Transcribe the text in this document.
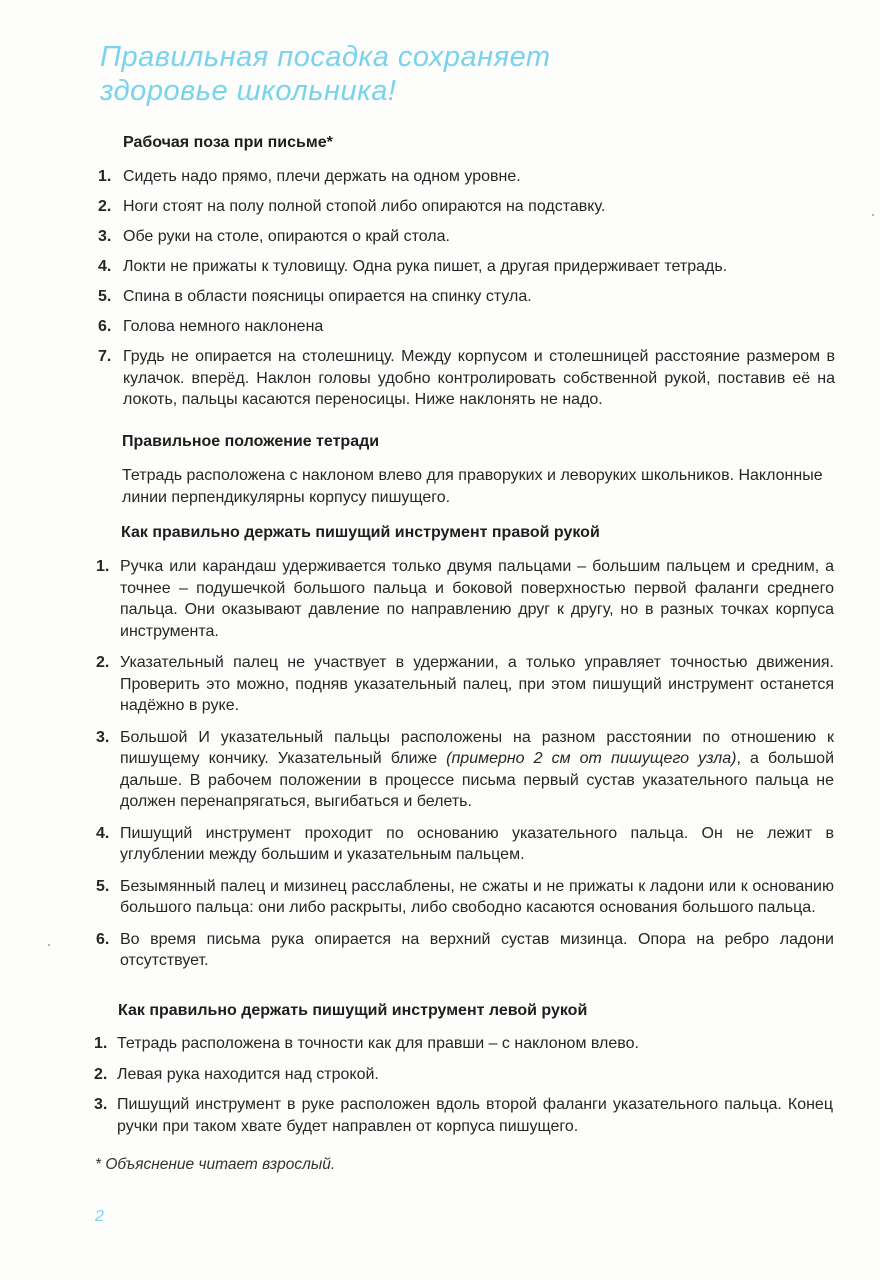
Правильная посадка сохраняет
здоровье школьника!
Рабочая поза при письме*
1. Сидеть надо прямо, плечи держать на одном уровне.
2. Ноги стоят на полу полной стопой либо опираются на подставку.
3. Обе руки на столе, опираются о край стола.
4. Локти не прижаты к туловищу. Одна рука пишет, а другая придерживает тетрадь.
5. Спина в области поясницы опирается на спинку стула.
6. Голова немного наклонена
7. Грудь не опирается на столешницу. Между корпусом и столешницей расстояние размером в кулачок. вперёд. Наклон головы удобно контролировать собственной рукой, поставив её на локоть, пальцы касаются переносицы. Ниже наклонять не надо.
Правильное положение тетради
Тетрадь расположена с наклоном влево для праворуких и леворуких школьников. Наклонные линии перпендикулярны корпусу пишущего.
Как правильно держать пишущий инструмент правой рукой
1. Ручка или карандаш удерживается только двумя пальцами – большим пальцем и средним, а точнее – подушечкой большого пальца и боковой поверхностью первой фаланги среднего пальца. Они оказывают давление по направлению друг к другу, но в разных точках корпуса инструмента.
2. Указательный палец не участвует в удержании, а только управляет точностью движения. Проверить это можно, подняв указательный палец, при этом пишущий инструмент останется надёжно в руке.
3. Большой И указательный пальцы расположены на разном расстоянии по отношению к пишущему кончику. Указательный ближе (примерно 2 см от пишущего узла), а большой дальше. В рабочем положении в процессе письма первый сустав указательного пальца не должен перенапрягаться, выгибаться и белеть.
4. Пишущий инструмент проходит по основанию указательного пальца. Он не лежит в углублении между большим и указательным пальцем.
5. Безымянный палец и мизинец расслаблены, не сжаты и не прижаты к ладони или к основанию большого пальца: они либо раскрыты, либо свободно касаются основания большого пальца.
6. Во время письма рука опирается на верхний сустав мизинца. Опора на ребро ладони отсутствует.
Как правильно держать пишущий инструмент левой рукой
1. Тетрадь расположена в точности как для правши – с наклоном влево.
2. Левая рука находится над строкой.
3. Пишущий инструмент в руке расположен вдоль второй фаланги указательного пальца. Конец ручки при таком хвате будет направлен от корпуса пишущего.
* Объяснение читает взрослый.
2
